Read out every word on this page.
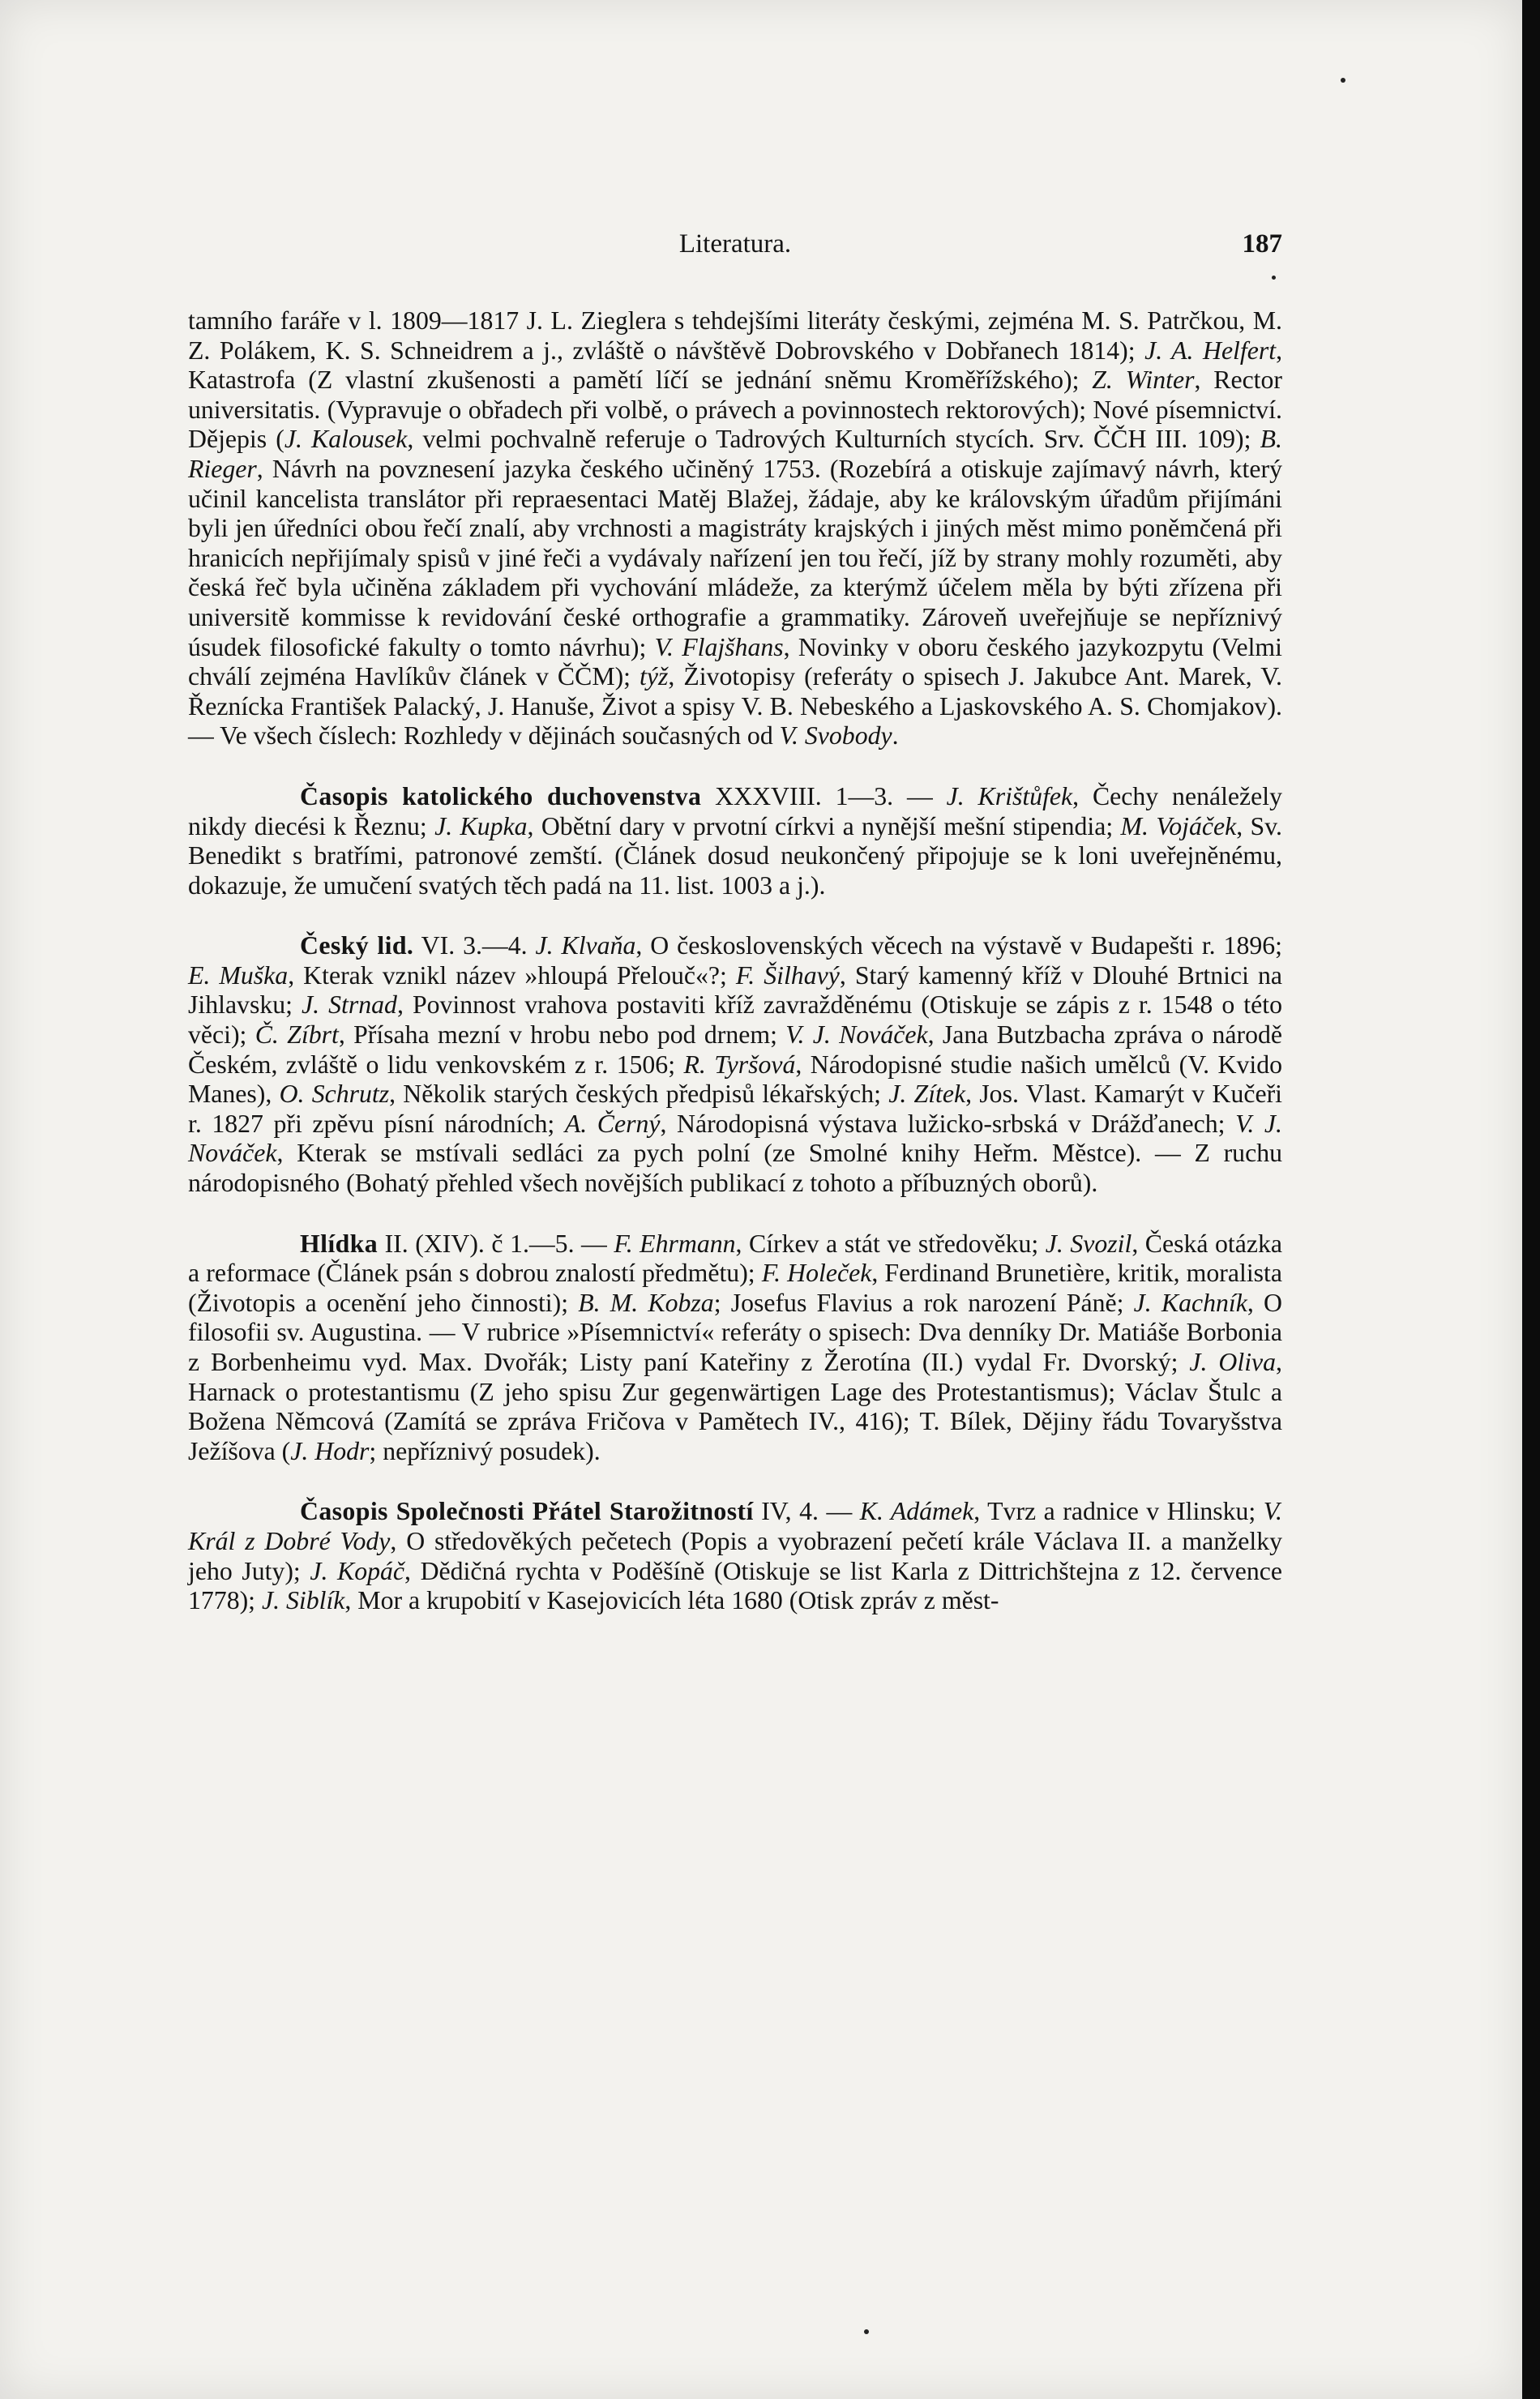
Literatura.	187

tamního faráře v l. 1809—1817 J. L. Zieglera s tehdejšími literáty českými, zejména M. S. Patrčkou, M. Z. Polákem, K. S. Schneidrem a j., zvláště o návštěvě Dobrovského v Dobřanech 1814); J. A. Helfert, Katastrofa (Z vlastní zkušenosti a pamětí líčí se jednání sněmu Kroměřížského); Z. Winter, Rector universitatis. (Vypravuje o obřadech při volbě, o právech a povinnostech rektorových); Nové písemnictví. Dějepis (J. Kalousek, velmi pochvalně referuje o Tadrových Kulturních stycích. Srv. ČČH III. 109); B. Rieger, Návrh na povznesení jazyka českého učiněný 1753. (Rozebírá a otiskuje zajímavý návrh, který učinil kancelista translátor při repraesentaci Matěj Blažej, žádaje, aby ke královským úřadům přijímáni byli jen úředníci obou řečí znalí, aby vrchnosti a magistráty krajských i jiných měst mimo poněmčená při hranicích nepřijímaly spisů v jiné řeči a vydávaly nařízení jen tou řečí, jíž by strany mohly rozuměti, aby česká řeč byla učiněna základem při vychování mládeže, za kterýmž účelem měla by býti zřízena při universitě kommisse k revidování české orthografie a grammatiky. Zároveň uveřejňuje se nepříznivý úsudek filosofické fakulty o tomto návrhu); V. Flajšhans, Novinky v oboru českého jazykozpytu (Velmi chválí zejména Havlíkův článek v ČČM); týž, Životopisy (referáty o spisech J. Jakubce Ant. Marek, V. Řeznícka František Palacký, J. Hanuše, Život a spisy V. B. Nebeského a Ljaskovského A. S. Chomjakov). — Ve všech číslech: Rozhledy v dějinách současných od V. Svobody.

Časopis katolického duchovenstva XXXVIII. 1—3. — J. Krištůfek, Čechy nenáležely nikdy diecési k Řeznu; J. Kupka, Obětní dary v prvotní církvi a nynější mešní stipendia; M. Vojáček, Sv. Benedikt s bratřími, patronové zemští. (Článek dosud neukončený připojuje se k loni uveřejněnému, dokazuje, že umučení svatých těch padá na 11. list. 1003 a j.).

Český lid. VI. 3.—4. J. Klvaňa, O československých věcech na výstavě v Budapešti r. 1896; E. Muška, Kterak vznikl název »hloupá Přelouč«?; F. Šilhavý, Starý kamenný kříž v Dlouhé Brtnici na Jihlavsku; J. Strnad, Povinnost vrahova postaviti kříž zavražděnému (Otiskuje se zápis z r. 1548 o této věci); Č. Zíbrt, Přísaha mezní v hrobu nebo pod drnem; V. J. Nováček, Jana Butzbacha zpráva o národě Českém, zvláště o lidu venkovském z r. 1506; R. Tyršová, Národopisné studie našich umělců (V. Kvido Manes), O. Schrutz, Několik starých českých předpisů lékařských; J. Zítek, Jos. Vlast. Kamarýt v Kučeři r. 1827 při zpěvu písní národních; A. Černý, Národopisná výstava lužicko-srbská v Drážďanech; V. J. Nováček, Kterak se mstívali sedláci za pych polní (ze Smolné knihy Heřm. Městce). — Z ruchu národopisného (Bohatý přehled všech novějších publikací z tohoto a příbuzných oborů).

Hlídka II. (XIV). č 1.—5. — F. Ehrmann, Církev a stát ve středověku; J. Svozil, Česká otázka a reformace (Článek psán s dobrou znalostí předmětu); F. Holeček, Ferdinand Brunetière, kritik, moralista (Životopis a ocenění jeho činnosti); B. M. Kobza; Josefus Flavius a rok narození Páně; J. Kachník, O filosofii sv. Augustina. — V rubrice »Písemnictví« referáty o spisech: Dva denníky Dr. Matiáše Borbonia z Borbenheimu vyd. Max. Dvořák; Listy paní Kateřiny z Žerotína (II.) vydal Fr. Dvorský; J. Oliva, Harnack o protestantismu (Z jeho spisu Zur gegenwärtigen Lage des Protestantismus); Václav Štulc a Božena Němcová (Zamítá se zpráva Fričova v Pamětech IV., 416); T. Bílek, Dějiny řádu Tovaryšstva Ježíšova (J. Hodr; nepříznivý posudek).

Časopis Společnosti Přátel Starožitností IV, 4. — K. Adámek, Tvrz a radnice v Hlinsku; V. Král z Dobré Vody, O středověkých pečetech (Popis a vyobrazení pečetí krále Václava II. a manželky jeho Juty); J. Kopáč, Dědičná rychta v Poděšíně (Otiskuje se list Karla z Dittrichštejna z 12. července 1778); J. Siblík, Mor a krupobití v Kasejovicích léta 1680 (Otisk zpráv z měst-
